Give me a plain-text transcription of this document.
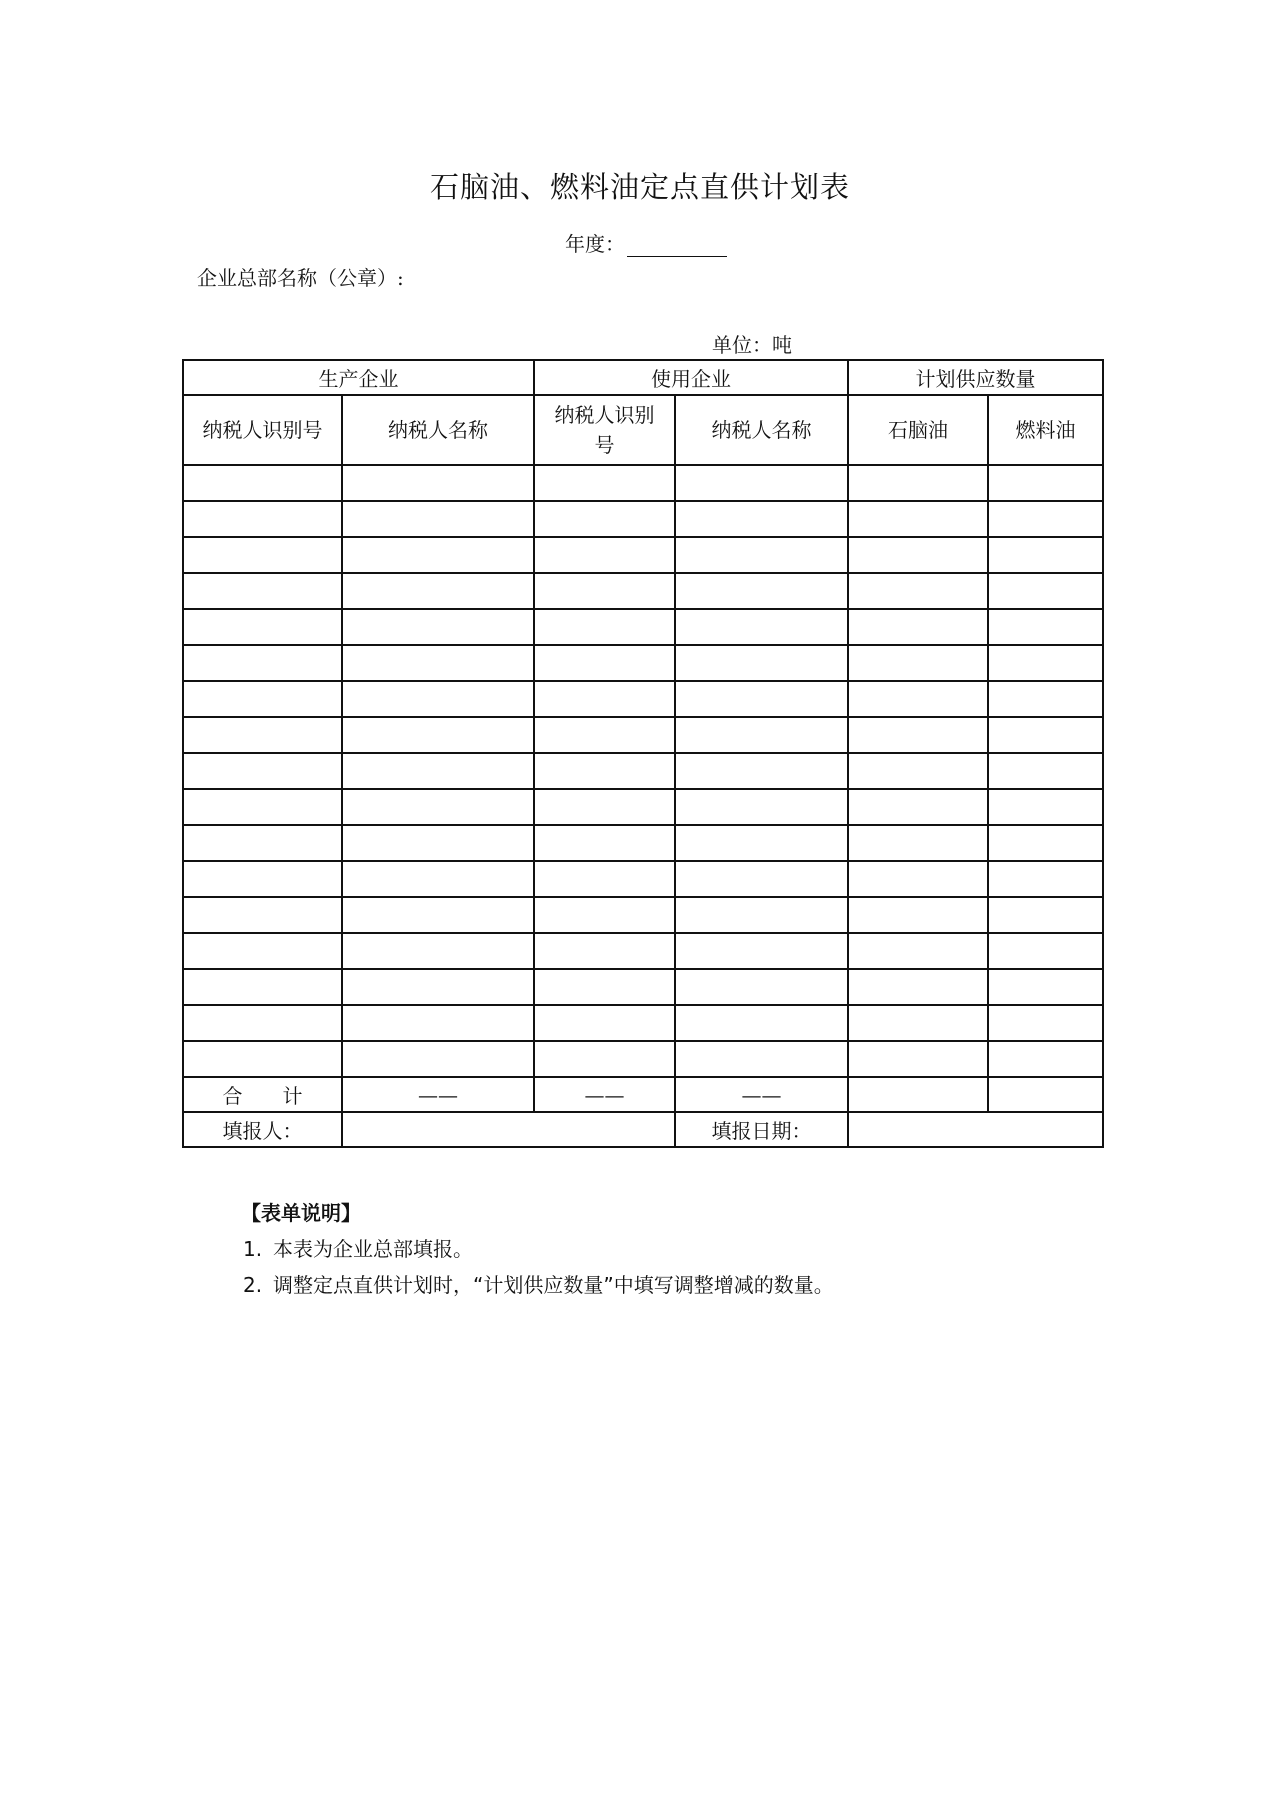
石脑油、燃料油定点直供计划表
年度：
企业总部名称（公章）:
单位：吨
生产企业		使用企业		计划供应数量	
纳税人识别号	纳税人名称	纳税人识别号	纳税人名称	石脑油	燃料油

合　　计	——	——	——		
填报人：			填报日期：		
【表单说明】
1. 本表为企业总部填报。
2. 调整定点直供计划时，“计划供应数量”中填写调整增减的数量。
